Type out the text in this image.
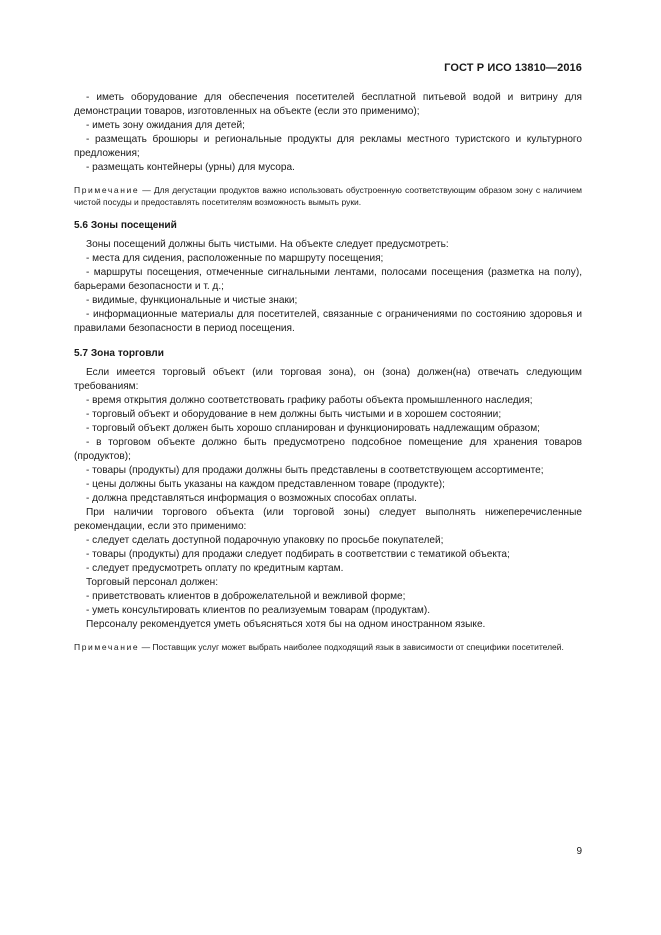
ГОСТ Р ИСО 13810—2016

- иметь оборудование для обеспечения посетителей бесплатной питьевой водой и витрину для демонстрации товаров, изготовленных на объекте (если это применимо);

- иметь зону ожидания для детей;

- размещать брошюры и региональные продукты для рекламы местного туристского и культурного предложения;

- размещать контейнеры (урны) для мусора.

Примечание — Для дегустации продуктов важно использовать обустроенную соответствующим образом зону с наличием чистой посуды и предоставлять посетителям возможность вымыть руки.

5.6 Зоны посещений

Зоны посещений должны быть чистыми. На объекте следует предусмотреть:

- места для сидения, расположенные по маршруту посещения;

- маршруты посещения, отмеченные сигнальными лентами, полосами посещения (разметка на полу), барьерами безопасности и т. д.;

- видимые, функциональные и чистые знаки;

- информационные материалы для посетителей, связанные с ограничениями по состоянию здоровья и правилами безопасности в период посещения.

5.7 Зона торговли

Если имеется торговый объект (или торговая зона), он (зона) должен(на) отвечать следующим требованиям:

- время открытия должно соответствовать графику работы объекта промышленного наследия;

- торговый объект и оборудование в нем должны быть чистыми и в хорошем состоянии;

- торговый объект должен быть хорошо спланирован и функционировать надлежащим образом;

- в торговом объекте должно быть предусмотрено подсобное помещение для хранения товаров (продуктов);

- товары (продукты) для продажи должны быть представлены в соответствующем ассортименте;

- цены должны быть указаны на каждом представленном товаре (продукте);

- должна представляться информация о возможных способах оплаты.

При наличии торгового объекта (или торговой зоны) следует выполнять нижеперечисленные рекомендации, если это применимо:

- следует сделать доступной подарочную упаковку по просьбе покупателей;

- товары (продукты) для продажи следует подбирать в соответствии с тематикой объекта;

- следует предусмотреть оплату по кредитным картам.

Торговый персонал должен:

- приветствовать клиентов в доброжелательной и вежливой форме;

- уметь консультировать клиентов по реализуемым товарам (продуктам).

Персоналу рекомендуется уметь объясняться хотя бы на одном иностранном языке.

Примечание — Поставщик услуг может выбрать наиболее подходящий язык в зависимости от специфики посетителей.

9
